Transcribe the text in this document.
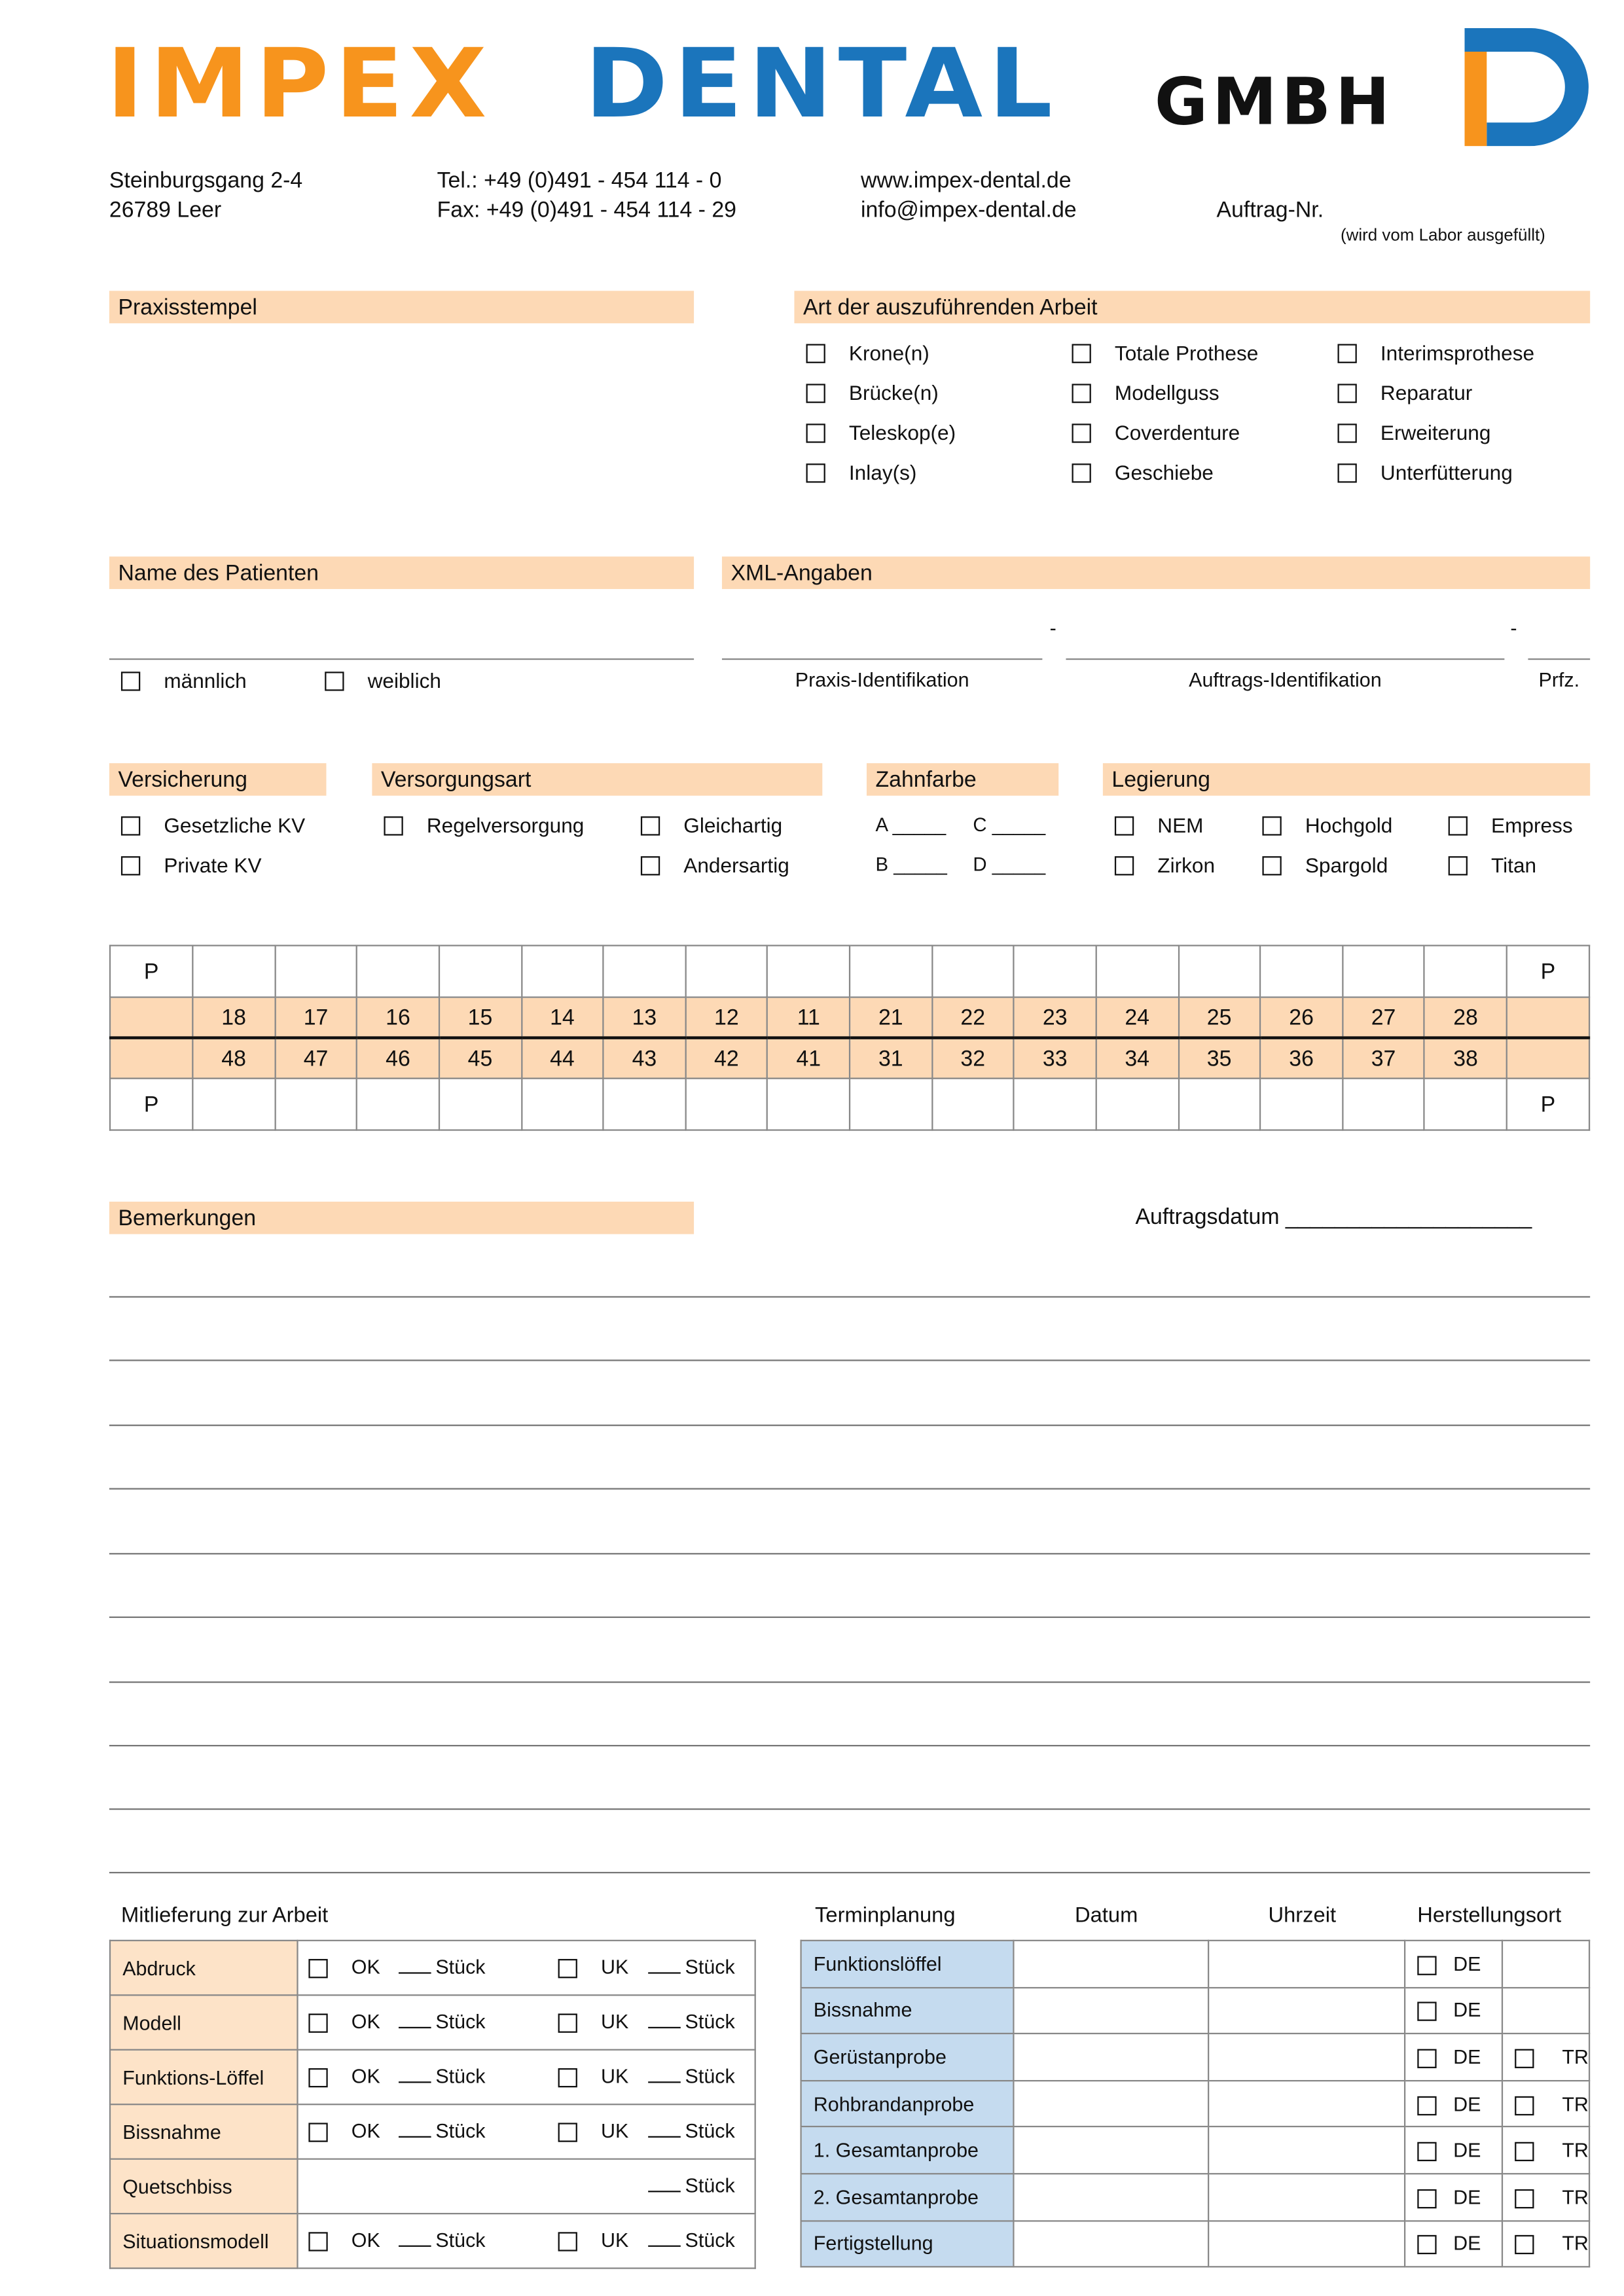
IMPEX DENTAL	GMBH
Steinburgsgang 2-4
26789 Leer
Tel.: +49 (0)491 - 454 114 - 0
Fax: +49 (0)491 - 454 114 - 29
www.impex-dental.de
info@impex-dental.de	Auftrag-Nr.
(wird vom Labor ausgefüllt)
Praxisstempel	Art der auszuführenden Arbeit
Krone(n)
Brücke(n)
Teleskop(e)
Inlay(s)
Totale Prothese
Modellguss
Coverdenture
Geschiebe
Interimsprothese
Reparatur
Erweiterung
Unterfütterung
Name des Patienten
männlich	weiblich
XML-Angaben
-	-
Praxis-Identifikation	Auftrags-Identifikation	Prfz.
Versicherung	Versorgungsart	Zahnfarbe	Legierung
Gesetzliche KV
Private KV
Regelversorgung	Gleichartig
Andersartig
A _____	C _____
B _____	D _____
NEM	Hochgold	Empress
Zirkon	Spargold	Titan
P																	P
	18	17	16	15	14	13	12	11	21	22	23	24	25	26	27	28	
	48	47	46	45	44	43	42	41	31	32	33	34	35	36	37	38	
P																	P
Bemerkungen	Auftragsdatum ____________________
Mitlieferung zur Arbeit
Abdruck	OK Stück UK Stück

Modell	OK Stück UK Stück

Funktions-Löffel	OK Stück UK Stück

Bissnahme	OK Stück UK Stück

Quetschbiss	Stück

Situationsmodell	OK Stück UK Stück
Terminplanung	Datum	Uhrzeit	Herstellungsort
Funktionslöffel			DE	
Bissnahme			DE	
Gerüstanprobe			DE	TR
Rohbrandanprobe			DE	TR
1. Gesamtanprobe			DE	TR
2. Gesamtanprobe			DE	TR
Fertigstellung			DE	TR
